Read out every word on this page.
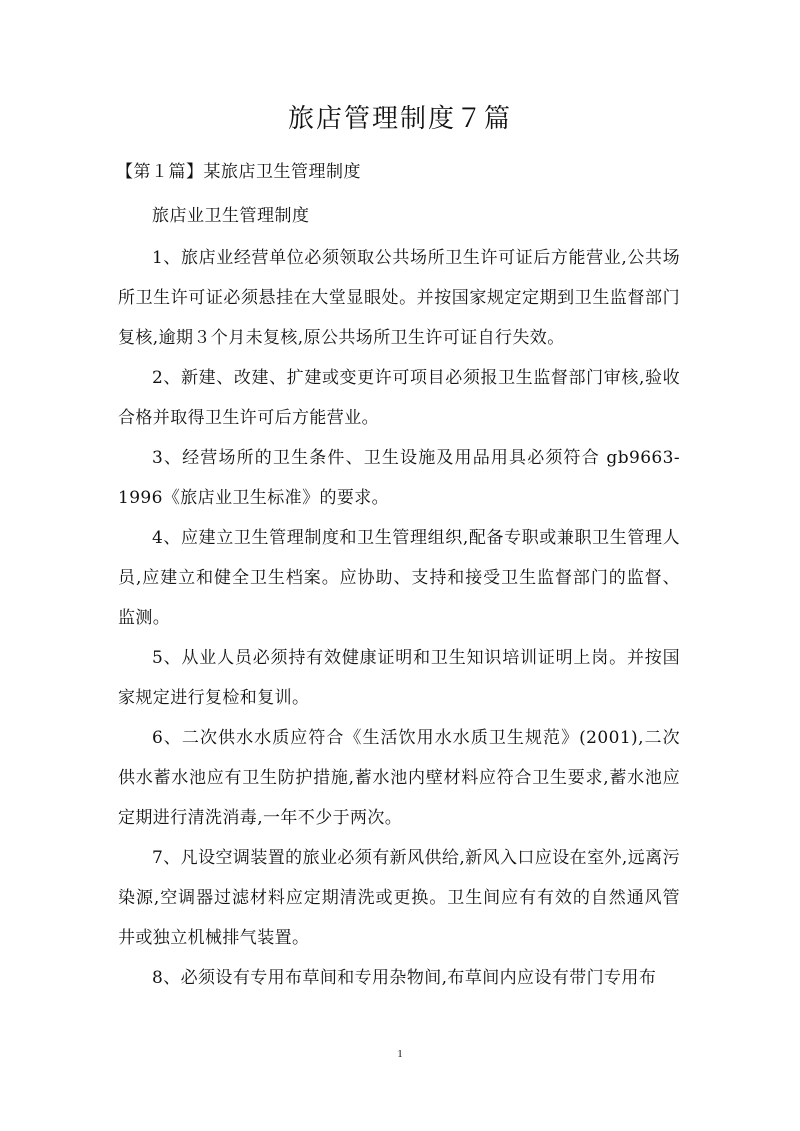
旅店管理制度７篇
【第１篇】某旅店卫生管理制度
旅店业卫生管理制度

1、旅店业经营单位必须领取公共场所卫生许可证后方能营业,公共场所卫生许可证必须悬挂在大堂显眼处。并按国家规定定期到卫生监督部门复核,逾期３个月未复核,原公共场所卫生许可证自行失效。

2、新建、改建、扩建或变更许可项目必须报卫生监督部门审核,验收合格并取得卫生许可后方能营业。

3、经营场所的卫生条件、卫生设施及用品用具必须符合 gb9663-1996《旅店业卫生标准》的要求。

4、应建立卫生管理制度和卫生管理组织,配备专职或兼职卫生管理人员,应建立和健全卫生档案。应协助、支持和接受卫生监督部门的监督、监测。

5、从业人员必须持有效健康证明和卫生知识培训证明上岗。并按国家规定进行复检和复训。

6、二次供水水质应符合《生活饮用水水质卫生规范》(2001),二次供水蓄水池应有卫生防护措施,蓄水池内壁材料应符合卫生要求,蓄水池应定期进行清洗消毒,一年不少于两次。

7、凡设空调装置的旅业必须有新风供给,新风入口应设在室外,远离污染源,空调器过滤材料应定期清洗或更换。卫生间应有有效的自然通风管井或独立机械排气装置。

8、必须设有专用布草间和专用杂物间,布草间内应设有带门专用布

1
